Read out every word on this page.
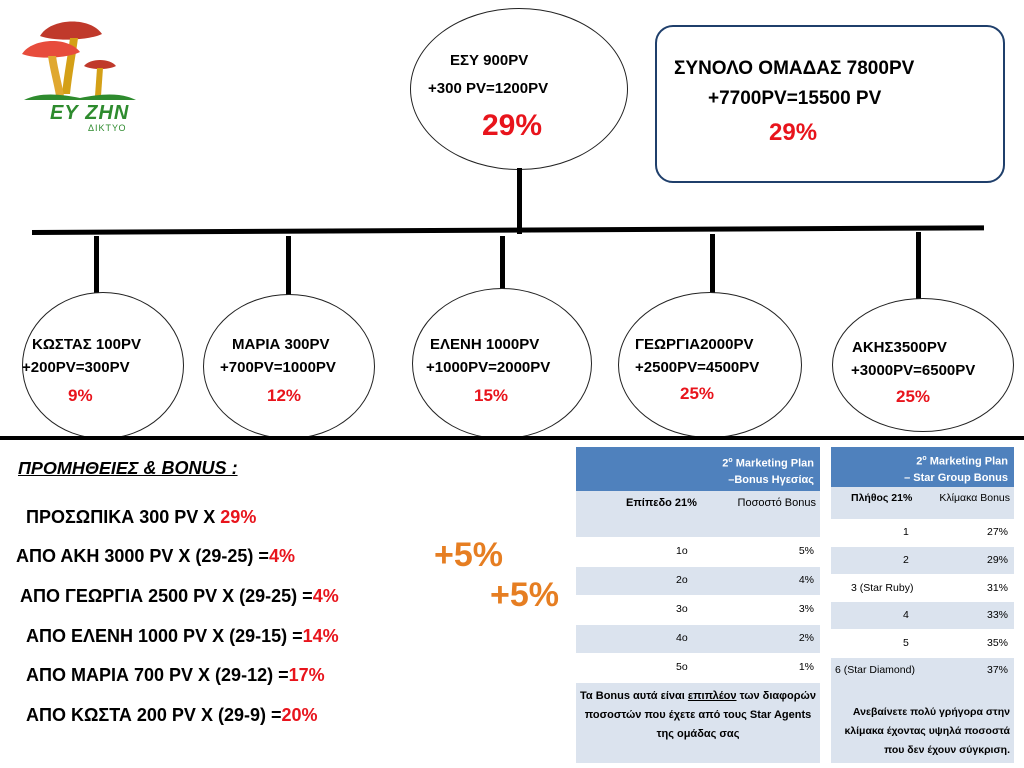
ΕΥ ΖΗΝ
ΔΙΚΤΥΟ
ΕΣΥ 900PV
+300 PV=1200PV
29%
ΣΥΝΟΛΟ ΟΜΑΔΑΣ 7800PV
+7700PV=15500 PV
29%
ΚΩΣΤΑΣ 100PV
+200PV=300PV
9%
ΜΑΡΙΑ 300PV
+700PV=1000PV
12%
ΕΛΕΝΗ 1000PV
+1000PV=2000PV
15%
ΓΕΩΡΓΙΑ2000PV
+2500PV=4500PV
25%
ΑΚΗΣ3500PV
+3000PV=6500PV
25%
ΠΡΟΜΗΘΕΙΕΣ & BONUS :
ΠΡΟΣΩΠΙΚΑ 300 PV X 29%
ΑΠΟ ΑΚΗ 3000 PV X (29-25) =4%
ΑΠΟ ΓΕΩΡΓΙΑ 2500 PV X (29-25) =4%
ΑΠΟ ΕΛΕΝΗ 1000 PV X (29-15) =14%
ΑΠΟ ΜΑΡΙΑ 700 PV X (29-12) =17%
ΑΠΟ ΚΩΣΤΑ 200 PV X (29-9) =20%
+5%
+5%
$2^o$ Marketing Plan
–Bonus Ηγεσίας
Επίπεδο 21%	Ποσοστό Bonus
1ο	5%
2ο	4%
3ο	3%
4ο	2%
5ο	1%
Τα Bonus αυτά είναι επιπλέον των διαφορών ποσοστών που έχετε από τους Star Agents της ομάδας σας
$2^o$ Marketing Plan
– Star Group Bonus
Πλήθος 21%	Κλίμακα Bonus
1	27%
2	29%
3 (Star Ruby)	31%
4	33%
5	35%
6 (Star Diamond)	37%
Ανεβαίνετε πολύ γρήγορα στην κλίμακα έχοντας υψηλά ποσοστά που δεν έχουν σύγκριση.
